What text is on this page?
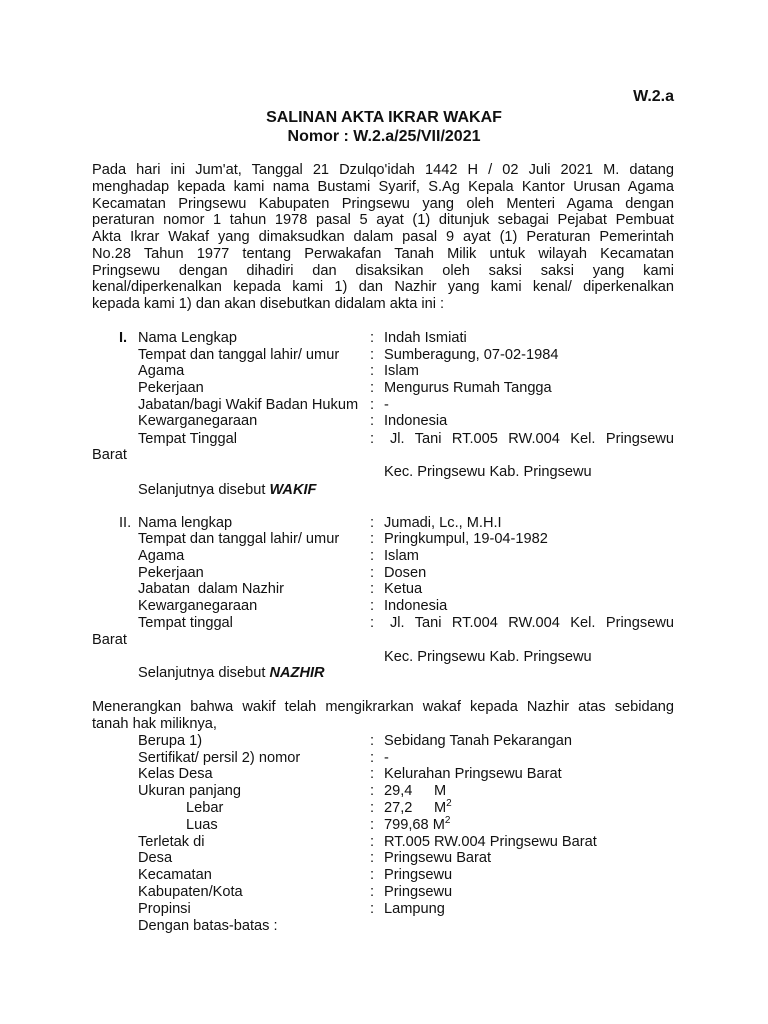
W.2.a
SALINAN AKTA IKRAR WAKAF
Nomor : W.2.a/25/VII/2021
Pada hari ini Jum'at, Tanggal 21 Dzulqo'idah 1442 H / 02 Juli 2021 M. datang
menghadap kepada kami nama Bustami Syarif, S.Ag Kepala Kantor Urusan Agama
Kecamatan Pringsewu Kabupaten Pringsewu yang oleh Menteri Agama dengan
peraturan nomor 1 tahun 1978 pasal 5 ayat (1) ditunjuk sebagai Pejabat Pembuat
Akta Ikrar Wakaf yang dimaksudkan dalam pasal 9 ayat (1) Peraturan Pemerintah
No.28 Tahun 1977 tentang Perwakafan Tanah Milik untuk wilayah Kecamatan
Pringsewu dengan dihadiri dan disaksikan oleh saksi saksi yang kami
kenal/diperkenalkan kepada kami 1) dan Nazhir yang kami kenal/ diperkenalkan
kepada kami 1) dan akan disebutkan didalam akta ini :
I. Nama Lengkap	: Indah Ismiati
Tempat dan tanggal lahir/ umur : Sumberagung, 07-02-1984
Agama	: Islam
Pekerjaan	: Mengurus Rumah Tangga
Jabatan/bagi Wakif Badan Hukum : -
Kewarganegaraan	: Indonesia
Tempat Tinggal	: Jl. Tani RT.005 RW.004 Kel. Pringsewu
Barat
Kec. Pringsewu Kab. Pringsewu
Selanjutnya disebut WAKIF
II. Nama lengkap	: Jumadi, Lc., M.H.I
Tempat dan tanggal lahir/ umur : Pringkumpul, 19-04-1982
Agama	: Islam
Pekerjaan	: Dosen
Jabatan  dalam Nazhir	: Ketua
Kewarganegaraan	: Indonesia
Tempat tinggal	: Jl. Tani RT.004 RW.004 Kel. Pringsewu
Barat
Kec. Pringsewu Kab. Pringsewu
Selanjutnya disebut NAZHIR
Menerangkan bahwa wakif telah mengikrarkan wakaf kepada Nazhir atas sebidang
tanah hak miliknya,
Berupa 1)	: Sebidang Tanah Pekarangan
Sertifikat/ persil 2) nomor	: -
Kelas Desa	: Kelurahan Pringsewu Barat
Ukuran panjang	: 29,4 M
Lebar	: 27,2 $M^2$
Luas	: 799,68 $M^2$
Terletak di	: RT.005 RW.004 Pringsewu Barat
Desa	: Pringsewu Barat
Kecamatan	: Pringsewu
Kabupaten/Kota	: Pringsewu
Propinsi	: Lampung
Dengan batas-batas :
